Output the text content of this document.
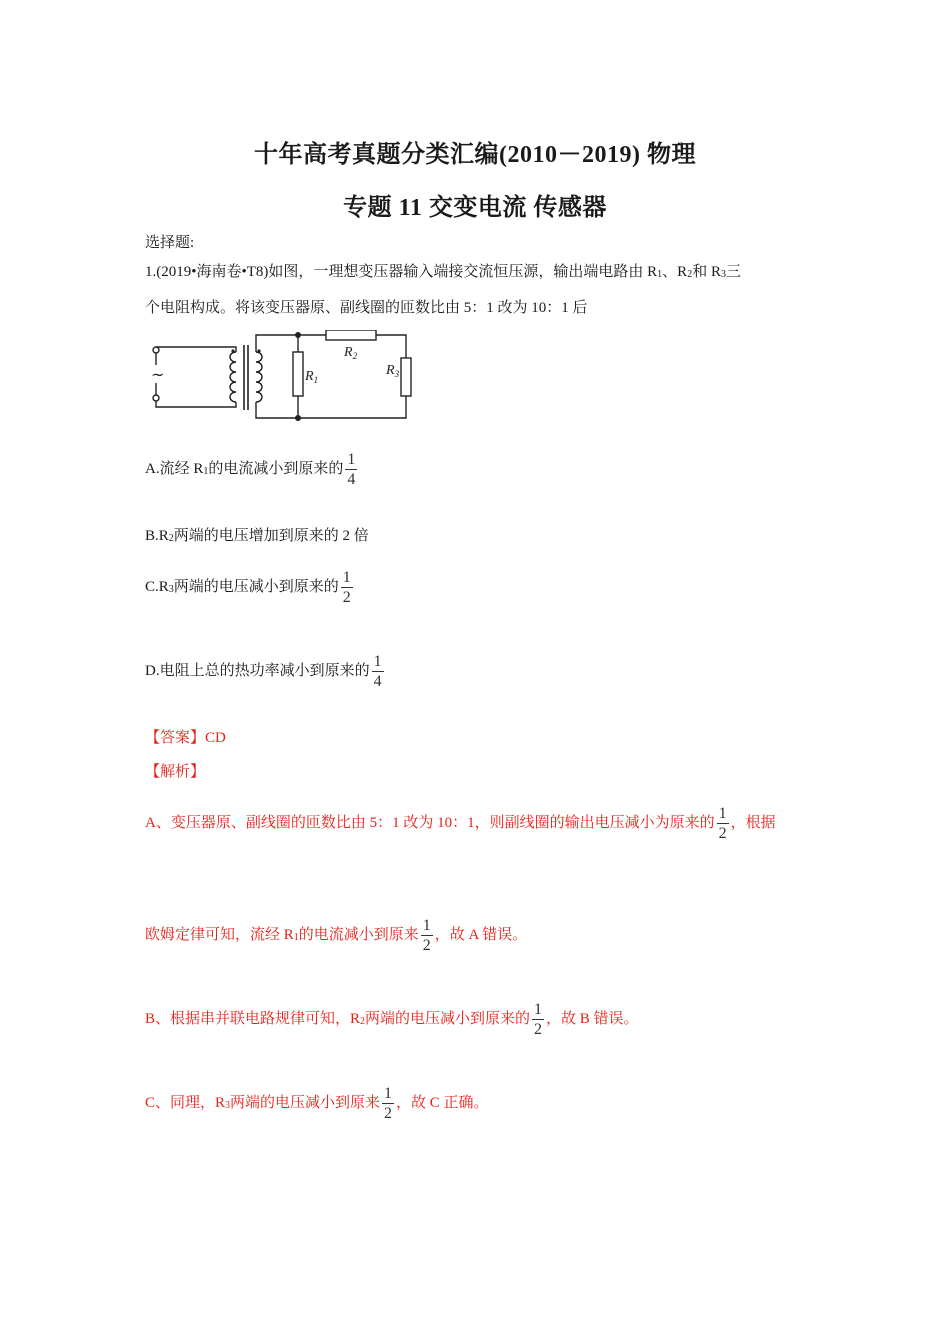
十年高考真题分类汇编(2010－2019) 物理
专题 11 交变电流 传感器
选择题:
1.(2019•海南卷•T8)如图，一理想变压器输入端接交流恒压源，输出端电路由 $R_1$、$R_2$和 $R_3$三
个电阻构成。将该变压器原、副线圈的匝数比由 5：1 改为 10：1 后
~	$R_1$
$R_2$
$R_3$
A.流经 $R_1$的电流减小到原来的 $\frac{1}{4}$
$B.R_2$两端的电压增加到原来的 2 倍
$C.R_3$两端的电压减小到原来的 $\frac{1}{2}$
D.电阻上总的热功率减小到原来的 $\frac{1}{4}$
【答案】CD
【解析】
A、变压器原、副线圈的匝数比由 5：1 改为 10：1，则副线圈的输出电压减小为原来的 $\frac{1}{2}$ ，根据
欧姆定律可知，流经 $R_1$的电流减小到原来 $\frac{1}{2}$ ，故 A 错误。
B、根据串并联电路规律可知，$R_2$两端的电压减小到原来的 $\frac{1}{2}$ ，故 B 错误。
C、同理，$R_3$两端的电压减小到原来 $\frac{1}{2}$ ，故 C 正确。
